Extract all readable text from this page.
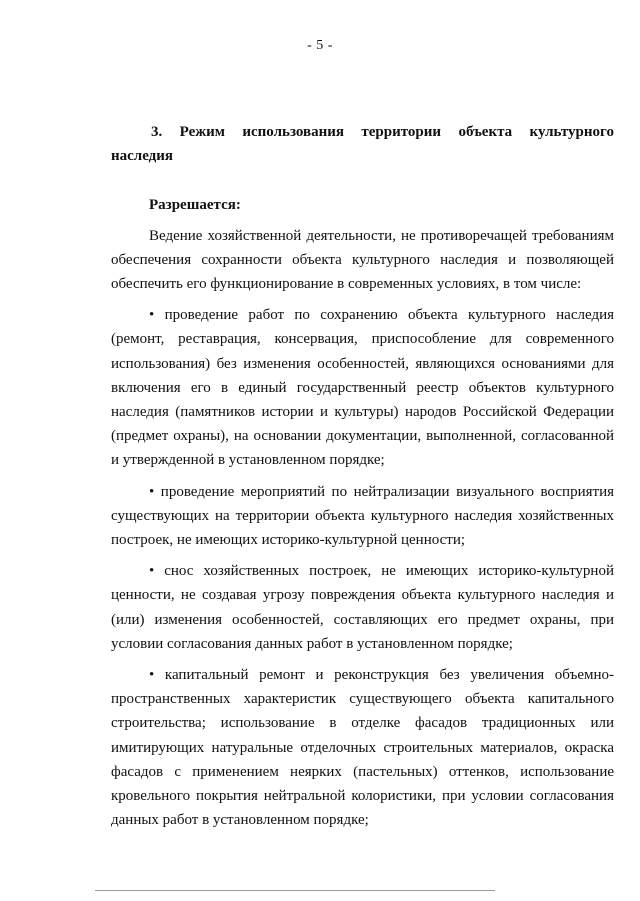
- 5 -
3. Режим использования территории объекта культурного
наследия
Разрешается:

Ведение хозяйственной деятельности, не противоречащей требованиям обеспечения сохранности объекта культурного наследия и позволяющей обеспечить его функционирование в современных условиях, в том числе:

• проведение работ по сохранению объекта культурного наследия (ремонт, реставрация, консервация, приспособление для современного использования) без изменения особенностей, являющихся основаниями для включения его в единый государственный реестр объектов культурного наследия (памятников истории и культуры) народов Российской Федерации (предмет охраны), на основании документации, выполненной, согласованной и утвержденной в установленном порядке;

• проведение мероприятий по нейтрализации визуального восприятия существующих на территории объекта культурного наследия хозяйственных построек, не имеющих историко-культурной ценности;

• снос хозяйственных построек, не имеющих историко-культурной ценности, не создавая угрозу повреждения объекта культурного наследия и (или) изменения особенностей, составляющих его предмет охраны, при условии согласования данных работ в установленном порядке;

• капитальный ремонт и реконструкция без увеличения объемно-пространственных характеристик существующего объекта капитального строительства; использование в отделке фасадов традиционных или имитирующих натуральные отделочных строительных материалов, окраска фасадов с применением неярких (пастельных) оттенков, использование кровельного покрытия нейтральной колористики, при условии согласования данных работ в установленном порядке;
